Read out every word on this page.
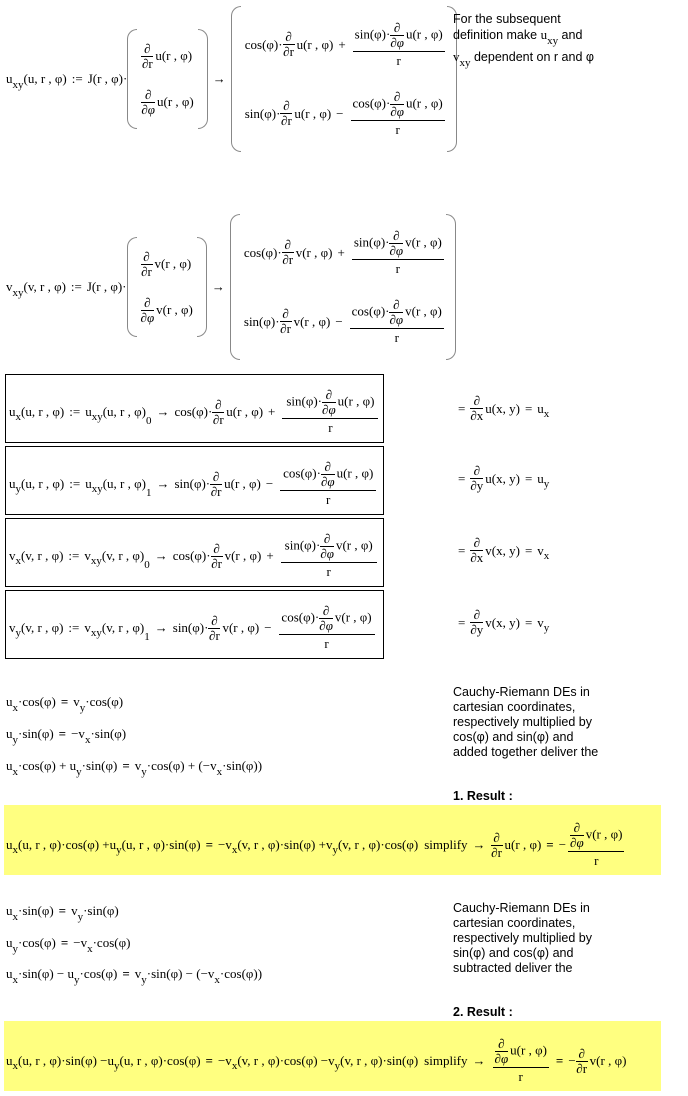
$u_{xy}(u$, r , φ) := J(r , φ)·
∂
∂r u(r , φ)
∂
∂φ u(r , φ)
→
cos(φ)· ∂
∂r u(r , φ) + sin(φ)· ∂
∂φ
u(r , φ)
r
sin(φ)· ∂
∂r u(r , φ) − cos(φ)· ∂
∂φ
u(r , φ)
r
For the subsequent
definition make $u_{xy}$ and
$v_{xy}$ dependent on r and φ
$v_{xy}(v$, r , φ) := J(r , φ)·
∂
∂r v(r , φ)
∂
∂φ v(r , φ)
→
cos(φ)· ∂
∂r v(r , φ) + sin(φ)· ∂
∂φ
v(r , φ)
r
sin(φ)· ∂
∂r v(r , φ) − cos(φ)· ∂
∂φ
v(r , φ)
r
u x (u, r , φ) := u xy (u, r , φ)
0
→ cos(φ)· ∂
∂r u(r , φ) + sin(φ)· ∂
∂φ
u(r , φ)
r	= ∂
∂x u(x, y) = u x
u y (u, r , φ) := u xy (u, r , φ)
1
→ sin(φ)· ∂
∂r u(r , φ) − cos(φ)· ∂
∂φ
u(r , φ)
r	= ∂
∂y u(x, y) = u y
v x (v, r , φ) := v xy (v, r , φ)
0
→ cos(φ)· ∂
∂r v(r , φ) + sin(φ)· ∂
∂φ
v(r , φ)
r	= ∂
∂x v(x, y) = v x
v y (v, r , φ) := v xy (v, r , φ)
1
→ sin(φ)· ∂
∂r v(r , φ) − cos(φ)· ∂
∂φ
v(r , φ)
r	= ∂
∂y v(x, y) = v y
$u_x\cdot\cos(\varphi) = v_y\cdot\cos(\varphi)$
$u_y\cdot\sin(\varphi) = -v_x\cdot\sin(\varphi)$
$u_x\cdot\cos(\varphi) + u_y\cdot\sin(\varphi) = v_y\cdot\cos(\varphi) + (-v_x\cdot\sin(\varphi))$
Cauchy-Riemann DEs in
cartesian coordinates,
respectively multiplied by
cos(φ) and sin(φ) and
added together deliver the
1. Result :
u x (u, r , φ)·cos(φ) + u y (u, r , φ)·sin(φ) = −v x (v, r , φ)·sin(φ) + v y (v, r , φ)·cos(φ) simplify → ∂
∂r u(r , φ) = − ∂
∂φ
v(r , φ)
r
$u_x\cdot\sin(\varphi) = v_y\cdot\sin(\varphi)$
$u_y\cdot\cos(\varphi) = -v_x\cdot\cos(\varphi)$
$u_x\cdot\sin(\varphi) - u_y\cdot\cos(\varphi) = v_y\cdot\sin(\varphi) - (-v_x\cdot\cos(\varphi))$
Cauchy-Riemann DEs in
cartesian coordinates,
respectively multiplied by
sin(φ) and cos(φ) and
subtracted deliver the
2. Result :
u x (u, r , φ)·sin(φ) − u y (u, r , φ)·cos(φ) = −v x (v, r , φ)·cos(φ) − v y (v, r , φ)·sin(φ) simplify → ∂
∂φ
u(r , φ)
r = − ∂
∂r v(r , φ)
